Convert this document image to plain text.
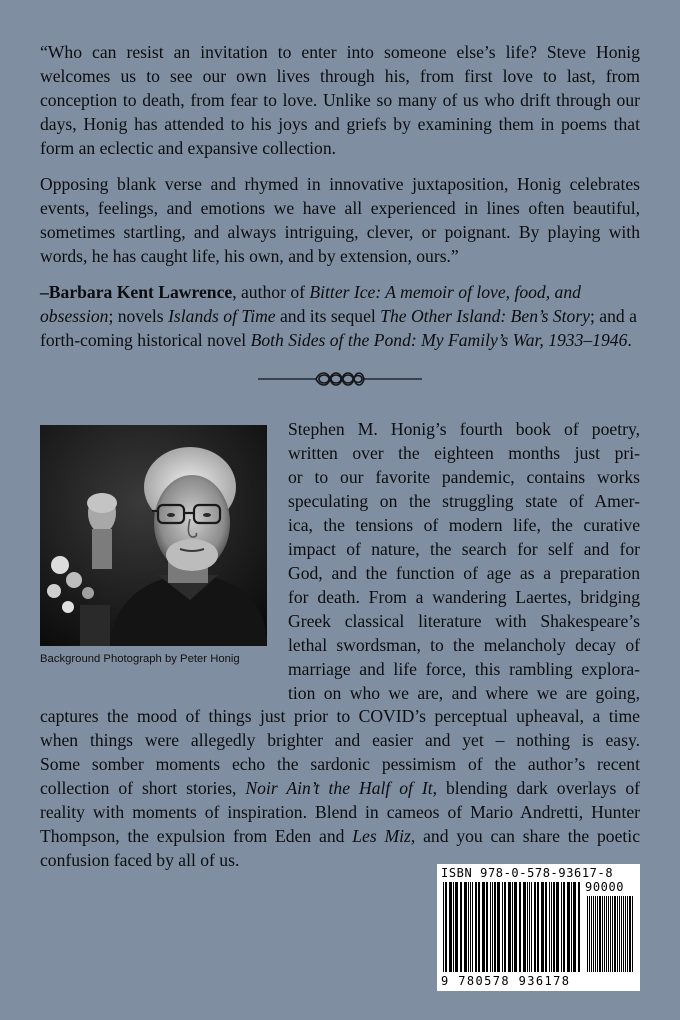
“Who can resist an invitation to enter into someone else’s life? Steve Honig welcomes us to see our own lives through his, from first love to last, from conception to death, from fear to love. Unlike so many of us who drift through our days, Honig has attended to his joys and griefs by examining them in poems that form an eclectic and expansive collection.

Opposing blank verse and rhymed in innovative juxtaposition, Honig celebrates events, feelings, and emotions we have all experienced in lines often beautiful, sometimes startling, and always intriguing, clever, or poignant. By playing with words, he has caught life, his own, and by extension, ours.”

–Barbara Kent Lawrence, author of Bitter Ice: A memoir of love, food, and obsession; novels Islands of Time and its sequel The Other Island: Ben’s Story; and a forth-coming historical novel Both Sides of the Pond: My Family’s War, 1933–1946.

Background Photograph by Peter Honig
Stephen M. Honig’s fourth book of poetry,
written over the eighteen months just pri-
or to our favorite pandemic, contains works
speculating on the struggling state of Amer-
ica, the tensions of modern life, the curative
impact of nature, the search for self and for
God, and the function of age as a preparation
for death. From a wandering Laertes, bridging
Greek classical literature with Shakespeare’s
lethal swordsman, to the melancholy decay of
marriage and life force, this rambling explora-
tion on who we are, and where we are going,
captures the mood of things just prior to COVID’s perceptual upheaval, a time
when things were allegedly brighter and easier and yet – nothing is easy.
Some somber moments echo the sardonic pessimism of the author’s recent
collection of short stories, Noir Ain’t the Half of It, blending dark overlays of
reality with moments of inspiration. Blend in cameos of Mario Andretti, Hunter
Thompson, the expulsion from Eden and Les Miz, and you can share the poetic
confusion faced by all of us.
ISBN 978-0-578-93617-8
90000
9 780578 936178
